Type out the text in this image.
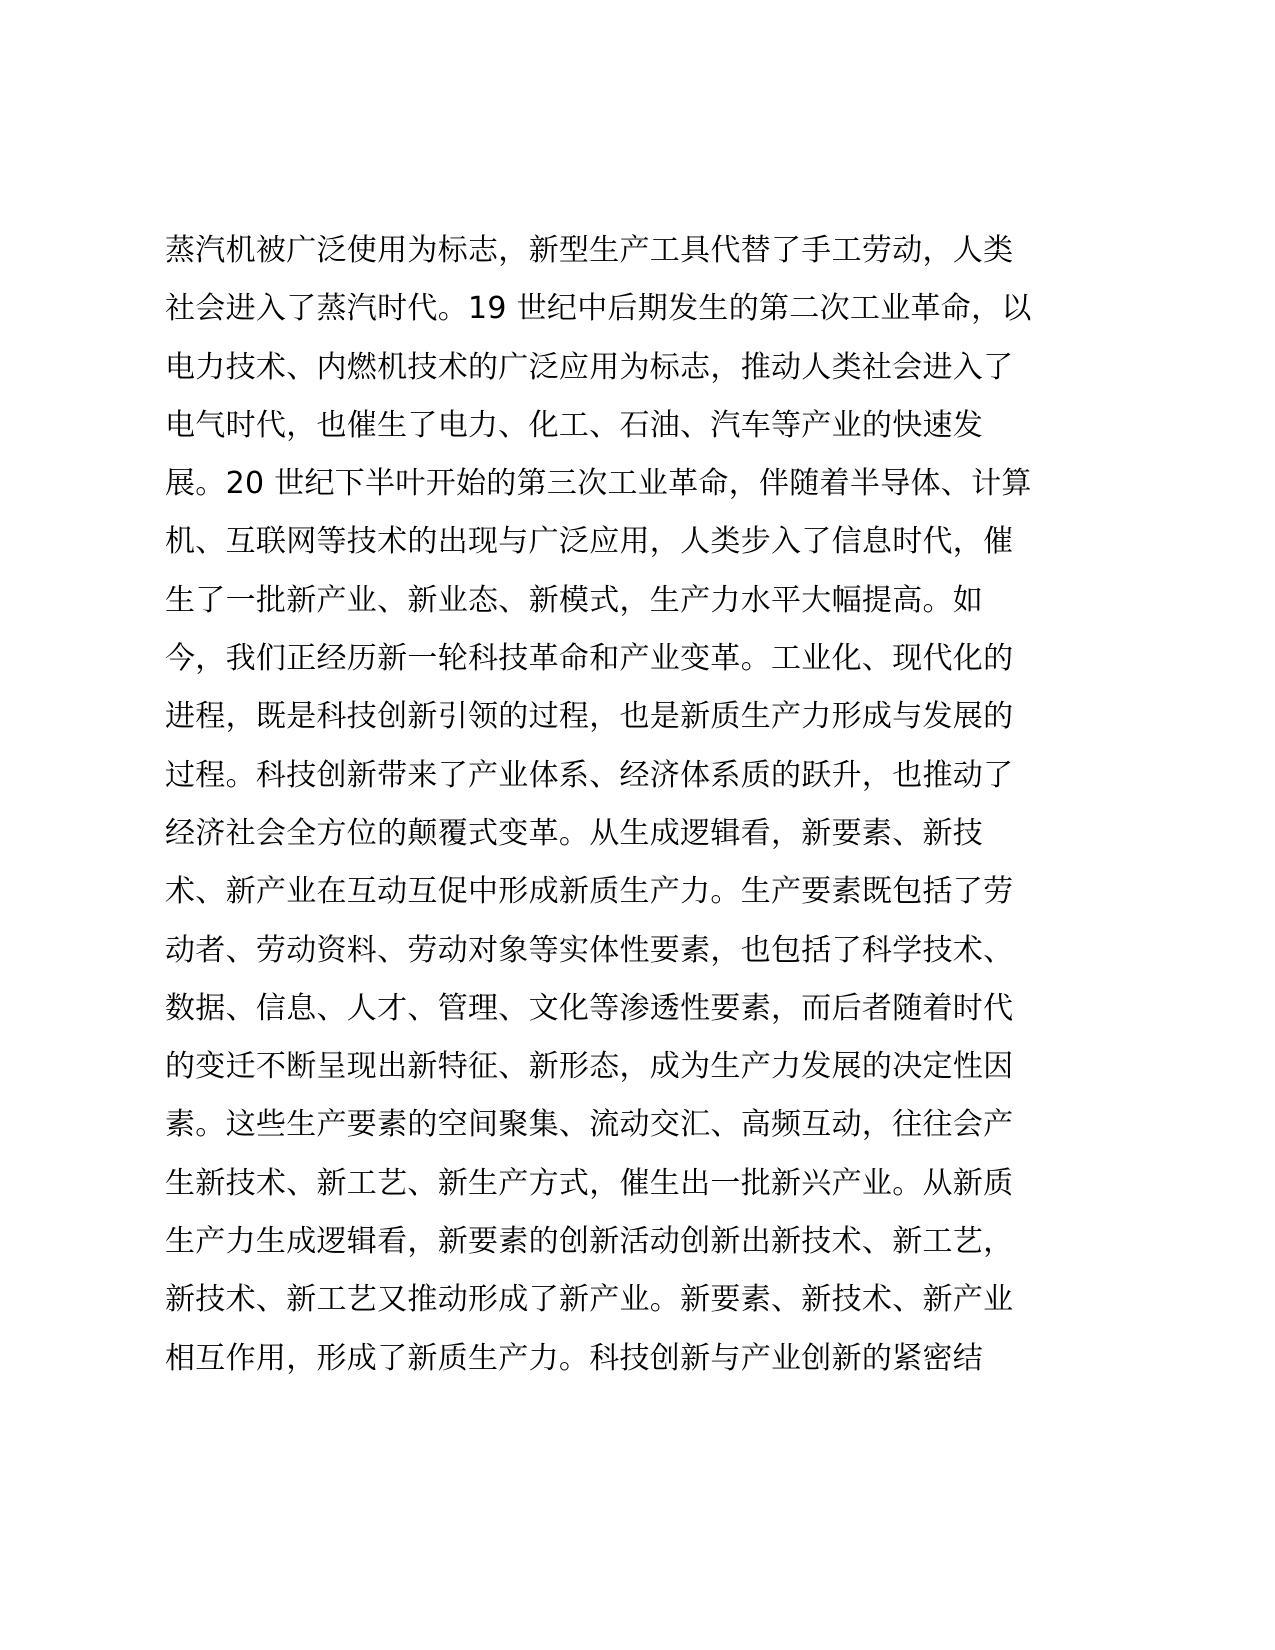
蒸汽机被广泛使用为标志，新型生产工具代替了手工劳动，人类
社会进入了蒸汽时代。19 世纪中后期发生的第二次工业革命，以
电力技术、内燃机技术的广泛应用为标志，推动人类社会进入了
电气时代，也催生了电力、化工、石油、汽车等产业的快速发
展。20 世纪下半叶开始的第三次工业革命，伴随着半导体、计算
机、互联网等技术的出现与广泛应用，人类步入了信息时代，催
生了一批新产业、新业态、新模式，生产力水平大幅提高。如
今，我们正经历新一轮科技革命和产业变革。工业化、现代化的
进程，既是科技创新引领的过程，也是新质生产力形成与发展的
过程。科技创新带来了产业体系、经济体系质的跃升，也推动了
经济社会全方位的颠覆式变革。从生成逻辑看，新要素、新技
术、新产业在互动互促中形成新质生产力。生产要素既包括了劳
动者、劳动资料、劳动对象等实体性要素，也包括了科学技术、
数据、信息、人才、管理、文化等渗透性要素，而后者随着时代
的变迁不断呈现出新特征、新形态，成为生产力发展的决定性因
素。这些生产要素的空间聚集、流动交汇、高频互动，往往会产
生新技术、新工艺、新生产方式，催生出一批新兴产业。从新质
生产力生成逻辑看，新要素的创新活动创新出新技术、新工艺，
新技术、新工艺又推动形成了新产业。新要素、新技术、新产业
相互作用，形成了新质生产力。科技创新与产业创新的紧密结
